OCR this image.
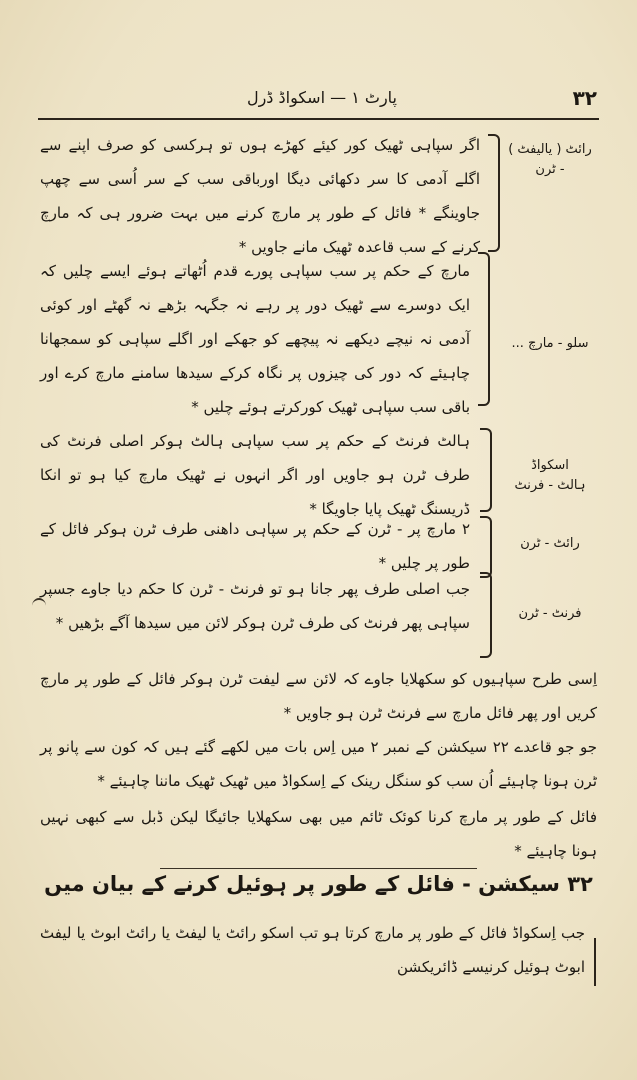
۳۲
پارٹ ۱ — اسکواڈ ڈرل
رائٹ ( یالیفٹ )
- ٹرن
اگر سپاہی ٹھیک کور کیئے کھڑے ہوں تو ہرکسی کو صرف اپنے سے اگلے آدمی کا سر دکھائی دیگا اورباقی سب کے سر اُسی سے چھپ جاوینگے * فائل کے طور پر مارچ کرنے میں بہت ضرور ہی کہ مارچ کرنے کے سب قاعدہ ٹھیک مانے جاویں *
سلو - مارچ ...
مارچ کے حکم پر سب سپاہی پورے قدم اُٹھاتے ہوئے ایسے چلیں کہ ایک دوسرے سے ٹھیک دور پر رہے نہ جگہہ بڑھے نہ گھٹے اور کوئی آدمی نہ نیچے دیکھے نہ پیچھے کو جھکے اور اگلے سپاہی کو سمجھانا چاہیئے کہ دور کی چیزوں پر نگاہ کرکے سیدھا سامنے مارچ کرے اور باقی سب سپاہی ٹھیک کورکرتے ہوئے چلیں *
اسکواڈ
ہالٹ - فرنٹ
ہالٹ فرنٹ کے حکم پر سب سپاہی ہالٹ ہوکر اصلی فرنٹ کی طرف ٹرن ہو جاویں اور اگر انہوں نے ٹھیک مارچ کیا ہو تو انکا ڈریسنگ ٹھیک پایا جاویگا *
رائٹ - ٹرن
۲ مارچ پر - ٹرن کے حکم پر سپاہی داھنی طرف ٹرن ہوکر فائل کے طور پر چلیں *
فرنٹ - ٹرن
جب اصلی طرف پھر جانا ہو تو فرنٹ - ٹرن کا حکم دیا جاوے جسپر سپاہی پھر فرنٹ کی طرف ٹرن ہوکر لائن میں سیدھا آگے بڑھیں *
اِسی طرح سپاہیوں کو سکھلایا جاوے کہ لائن سے لیفت ٹرن ہوکر فائل کے طور پر مارچ کریں اور پھر فائل مارچ سے فرنٹ ٹرن ہو جاویں *
جو جو قاعدے ۲۲ سیکشن کے نمبر ۲ میں اِس بات میں لکھے گئے ہیں کہ کون سے پانو پر ٹرن ہونا چاہیئے اُن سب کو سنگل رینک کے اِسکواڈ میں ٹھیک ٹھیک ماننا چاہیئے *
فائل کے طور پر مارچ کرنا کوئک ٹائم میں بھی سکھلایا جائیگا لیکن ڈبل سے کبھی نہیں ہونا چاہیئے *
۳۲ سیکشن - فائل کے طور پر ہوئیل کرنے کے بیان میں
جب اِسکواڈ فائل کے طور پر مارچ کرتا ہو تب اسکو رائٹ یا لیفٹ یا رائٹ ابوٹ یا لیفٹ ابوٹ ہوئیل کرنیسے ڈائریکشن
